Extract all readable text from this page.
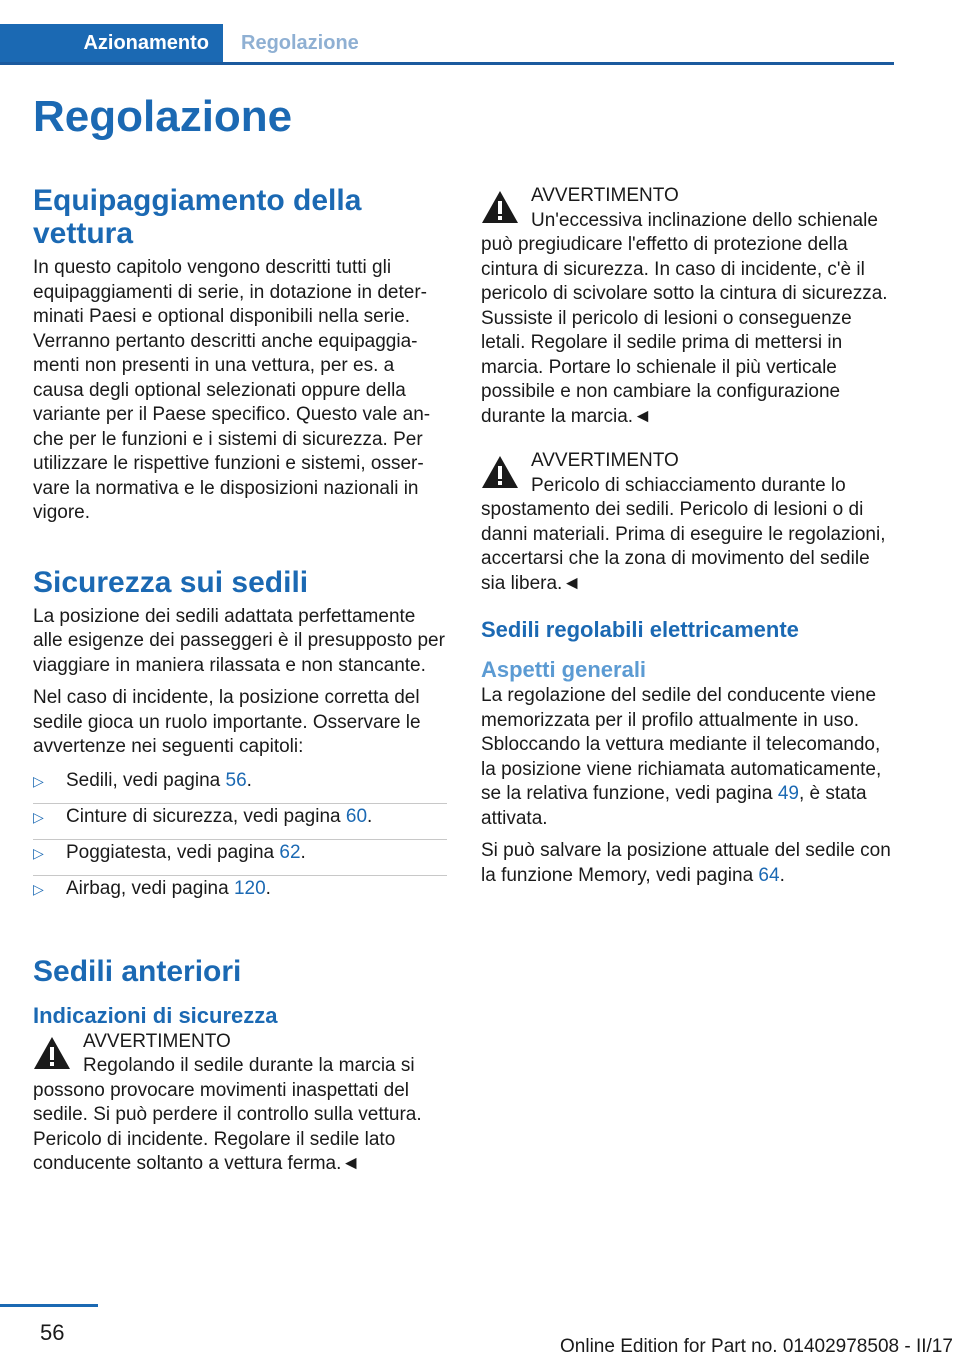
Azionamento	Regolazione
Regolazione
Equipaggiamento della vettura

In questo capitolo vengono descritti tutti gli equipaggiamenti di serie, in dotazione in determinati Paesi e optional disponibili nella serie. Verranno pertanto descritti anche equipaggiamenti non presenti in una vettura, per es. a causa degli optional selezionati oppure della variante per il Paese specifico. Questo vale anche per le funzioni e i sistemi di sicurezza. Per utilizzare le rispettive funzioni e sistemi, osservare la normativa e le disposizioni nazionali in vigore.

Sicurezza sui sedili

La posizione dei sedili adattata perfettamente alle esigenze dei passeggeri è il presupposto per viaggiare in maniera rilassata e non stancante.

Nel caso di incidente, la posizione corretta del sedile gioca un ruolo importante. Osservare le avvertenze nei seguenti capitoli:

▷ Sedili, vedi pagina 56.
▷ Cinture di sicurezza, vedi pagina 60.
▷ Poggiatesta, vedi pagina 62.
▷ Airbag, vedi pagina 120.
Sedili anteriori
Indicazioni di sicurezza
AVVERTIMENTO
Regolando il sedile durante la marcia si possono provocare movimenti inaspettati del sedile. Si può perdere il controllo sulla vettura. Pericolo di incidente. Regolare il sedile lato conducente soltanto a vettura ferma.◄
AVVERTIMENTO
Un'eccessiva inclinazione dello schienale può pregiudicare l'effetto di protezione della cintura di sicurezza. In caso di incidente, c'è il pericolo di scivolare sotto la cintura di sicurezza. Sussiste il pericolo di lesioni o conseguenze letali. Regolare il sedile prima di mettersi in marcia. Portare lo schienale il più verticale possibile e non cambiare la configurazione durante la marcia.◄
AVVERTIMENTO
Pericolo di schiacciamento durante lo spostamento dei sedili. Pericolo di lesioni o di danni materiali. Prima di eseguire le regolazioni, accertarsi che la zona di movimento del sedile sia libera.◄
Sedili regolabili elettricamente
Aspetti generali

La regolazione del sedile del conducente viene memorizzata per il profilo attualmente in uso. Sbloccando la vettura mediante il telecomando, la posizione viene richiamata automaticamente, se la relativa funzione, vedi pagina 49, è stata attivata.

Si può salvare la posizione attuale del sedile con la funzione Memory, vedi pagina 64.

56
Online Edition for Part no. 01402978508 - II/17
